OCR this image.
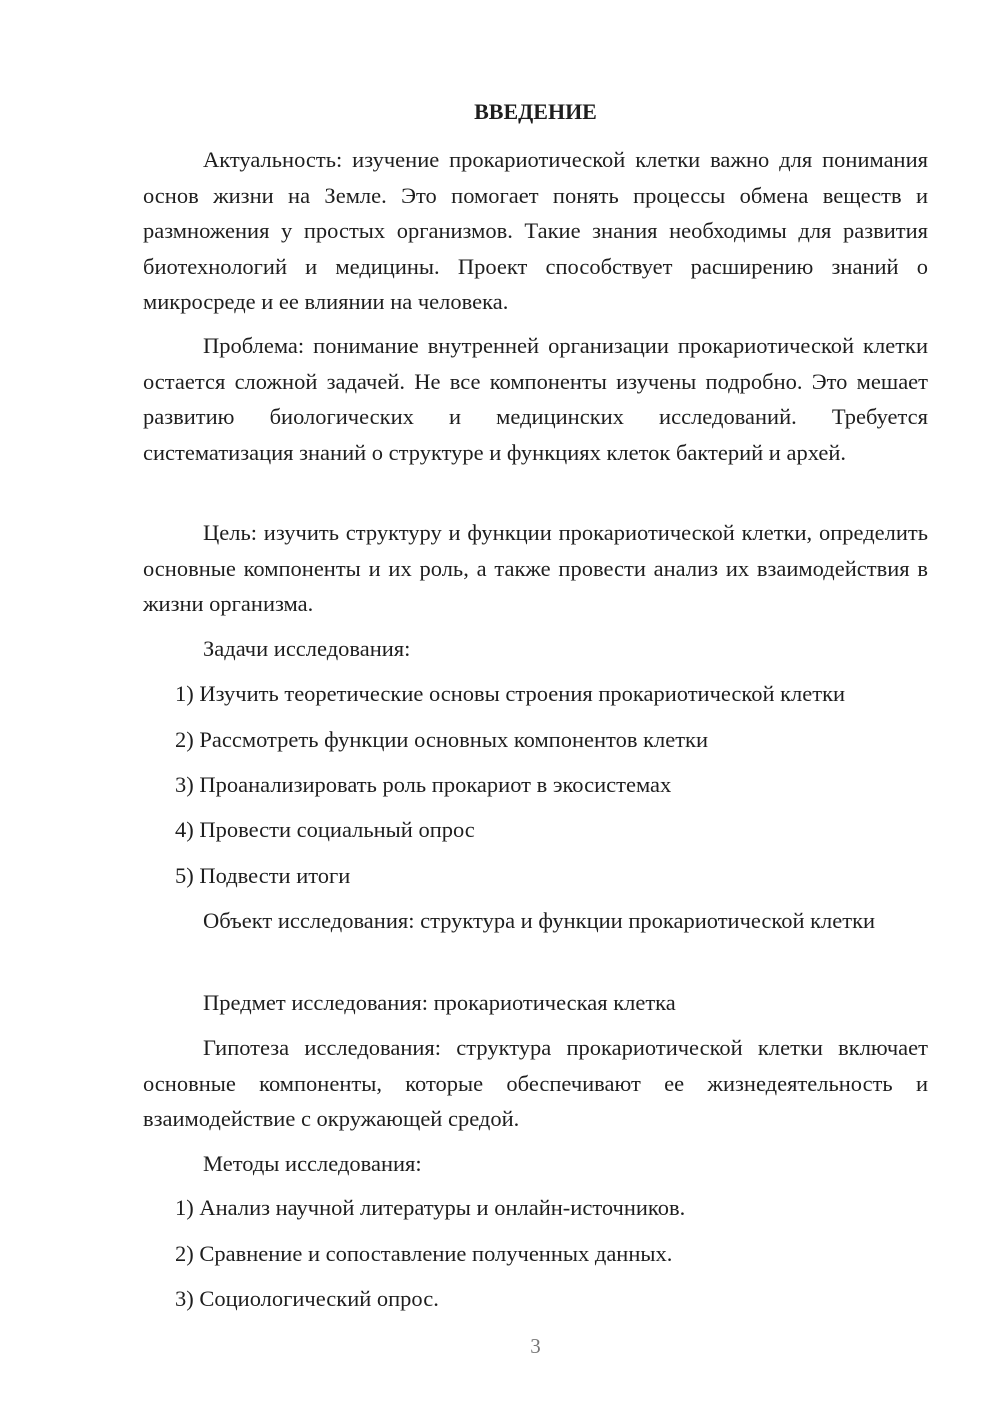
ВВЕДЕНИЕ

Актуальность: изучение прокариотической клетки важно для понимания основ жизни на Земле. Это помогает понять процессы обмена веществ и размножения у простых организмов. Такие знания необходимы для развития биотехнологий и медицины. Проект способствует расширению знаний о микросреде и ее влиянии на человека.

Проблема: понимание внутренней организации прокариотической клетки остается сложной задачей. Не все компоненты изучены подробно. Это мешает развитию биологических и медицинских исследований. Требуется систематизация знаний о структуре и функциях клеток бактерий и архей.

Цель: изучить структуру и функции прокариотической клетки, определить основные компоненты и их роль, а также провести анализ их взаимодействия в жизни организма.

Задачи исследования:

1) Изучить теоретические основы строения прокариотической клетки
2) Рассмотреть функции основных компонентов клетки
3) Проанализировать роль прокариот в экосистемах
4) Провести социальный опрос
5) Подвести итоги

Объект исследования: структура и функции прокариотической клетки

Предмет исследования: прокариотическая клетка

Гипотеза исследования: структура прокариотической клетки включает основные компоненты, которые обеспечивают ее жизнедеятельность и взаимодействие с окружающей средой.

Методы исследования:

1) Анализ научной литературы и онлайн-источников.
2) Сравнение и сопоставление полученных данных.
3) Социологический опрос.
3
